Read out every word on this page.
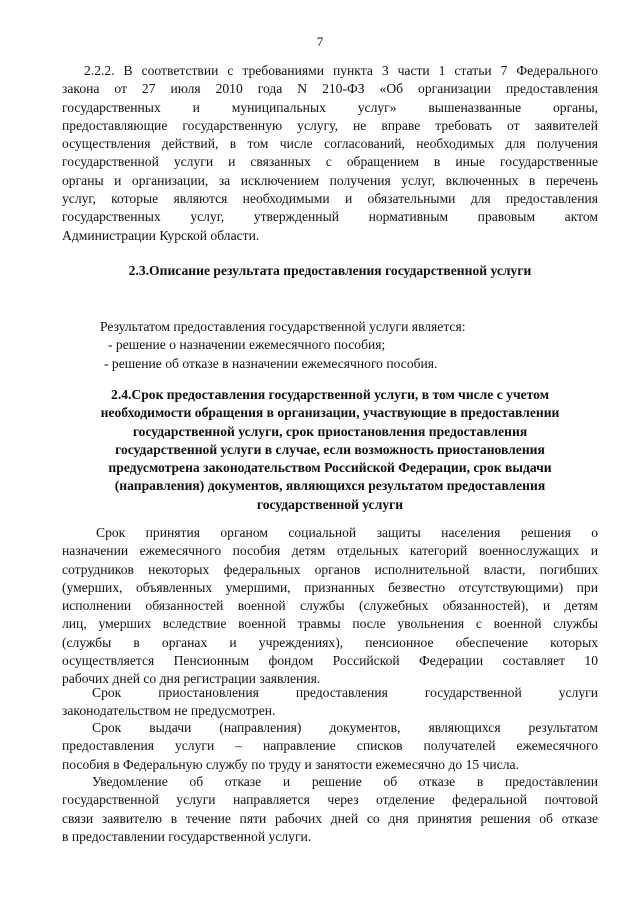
7
2.2.2. В соответствии с требованиями пункта 3 части 1 статьи 7 Федерального
закона от 27 июля 2010 года N 210-ФЗ «Об организации предоставления
государственных и муниципальных услуг» вышеназванные органы,
предоставляющие государственную услугу, не вправе требовать от заявителей
осуществления действий, в том числе согласований, необходимых для получения
государственной услуги и связанных с обращением в иные государственные
органы и организации, за исключением получения услуг, включенных в перечень
услуг, которые являются необходимыми и обязательными для предоставления
государственных услуг, утвержденный нормативным правовым актом
Администрации Курской области.
2.3.Описание результата предоставления государственной услуги
Результатом предоставления государственной услуги является:
- решение о назначении ежемесячного пособия;
- решение об отказе в назначении ежемесячного пособия.
2.4.Срок предоставления государственной услуги, в том числе с учетом
необходимости обращения в организации, участвующие в предоставлении
государственной услуги, срок приостановления предоставления
государственной услуги в случае, если возможность приостановления
предусмотрена законодательством Российской Федерации, срок выдачи
(направления) документов, являющихся результатом предоставления
государственной услуги
Срок принятия органом социальной защиты населения решения о
назначении ежемесячного пособия детям отдельных категорий военнослужащих и
сотрудников некоторых федеральных органов исполнительной власти, погибших
(умерших, объявленных умершими, признанных безвестно отсутствующими) при
исполнении обязанностей военной службы (служебных обязанностей), и детям
лиц, умерших вследствие военной травмы после увольнения с военной службы
(службы в органах и учреждениях), пенсионное обеспечение которых
осуществляется Пенсионным фондом Российской Федерации составляет 10
рабочих дней со дня регистрации заявления.
Срок приостановления предоставления государственной услуги
законодательством не предусмотрен.
Срок выдачи (направления) документов, являющихся результатом
предоставления услуги – направление списков получателей ежемесячного
пособия в Федеральную службу по труду и занятости ежемесячно до 15 числа.
Уведомление об отказе и решение об отказе в предоставлении
государственной услуги направляется через отделение федеральной почтовой
связи заявителю в течение пяти рабочих дней со дня принятия решения об отказе
в предоставлении государственной услуги.
